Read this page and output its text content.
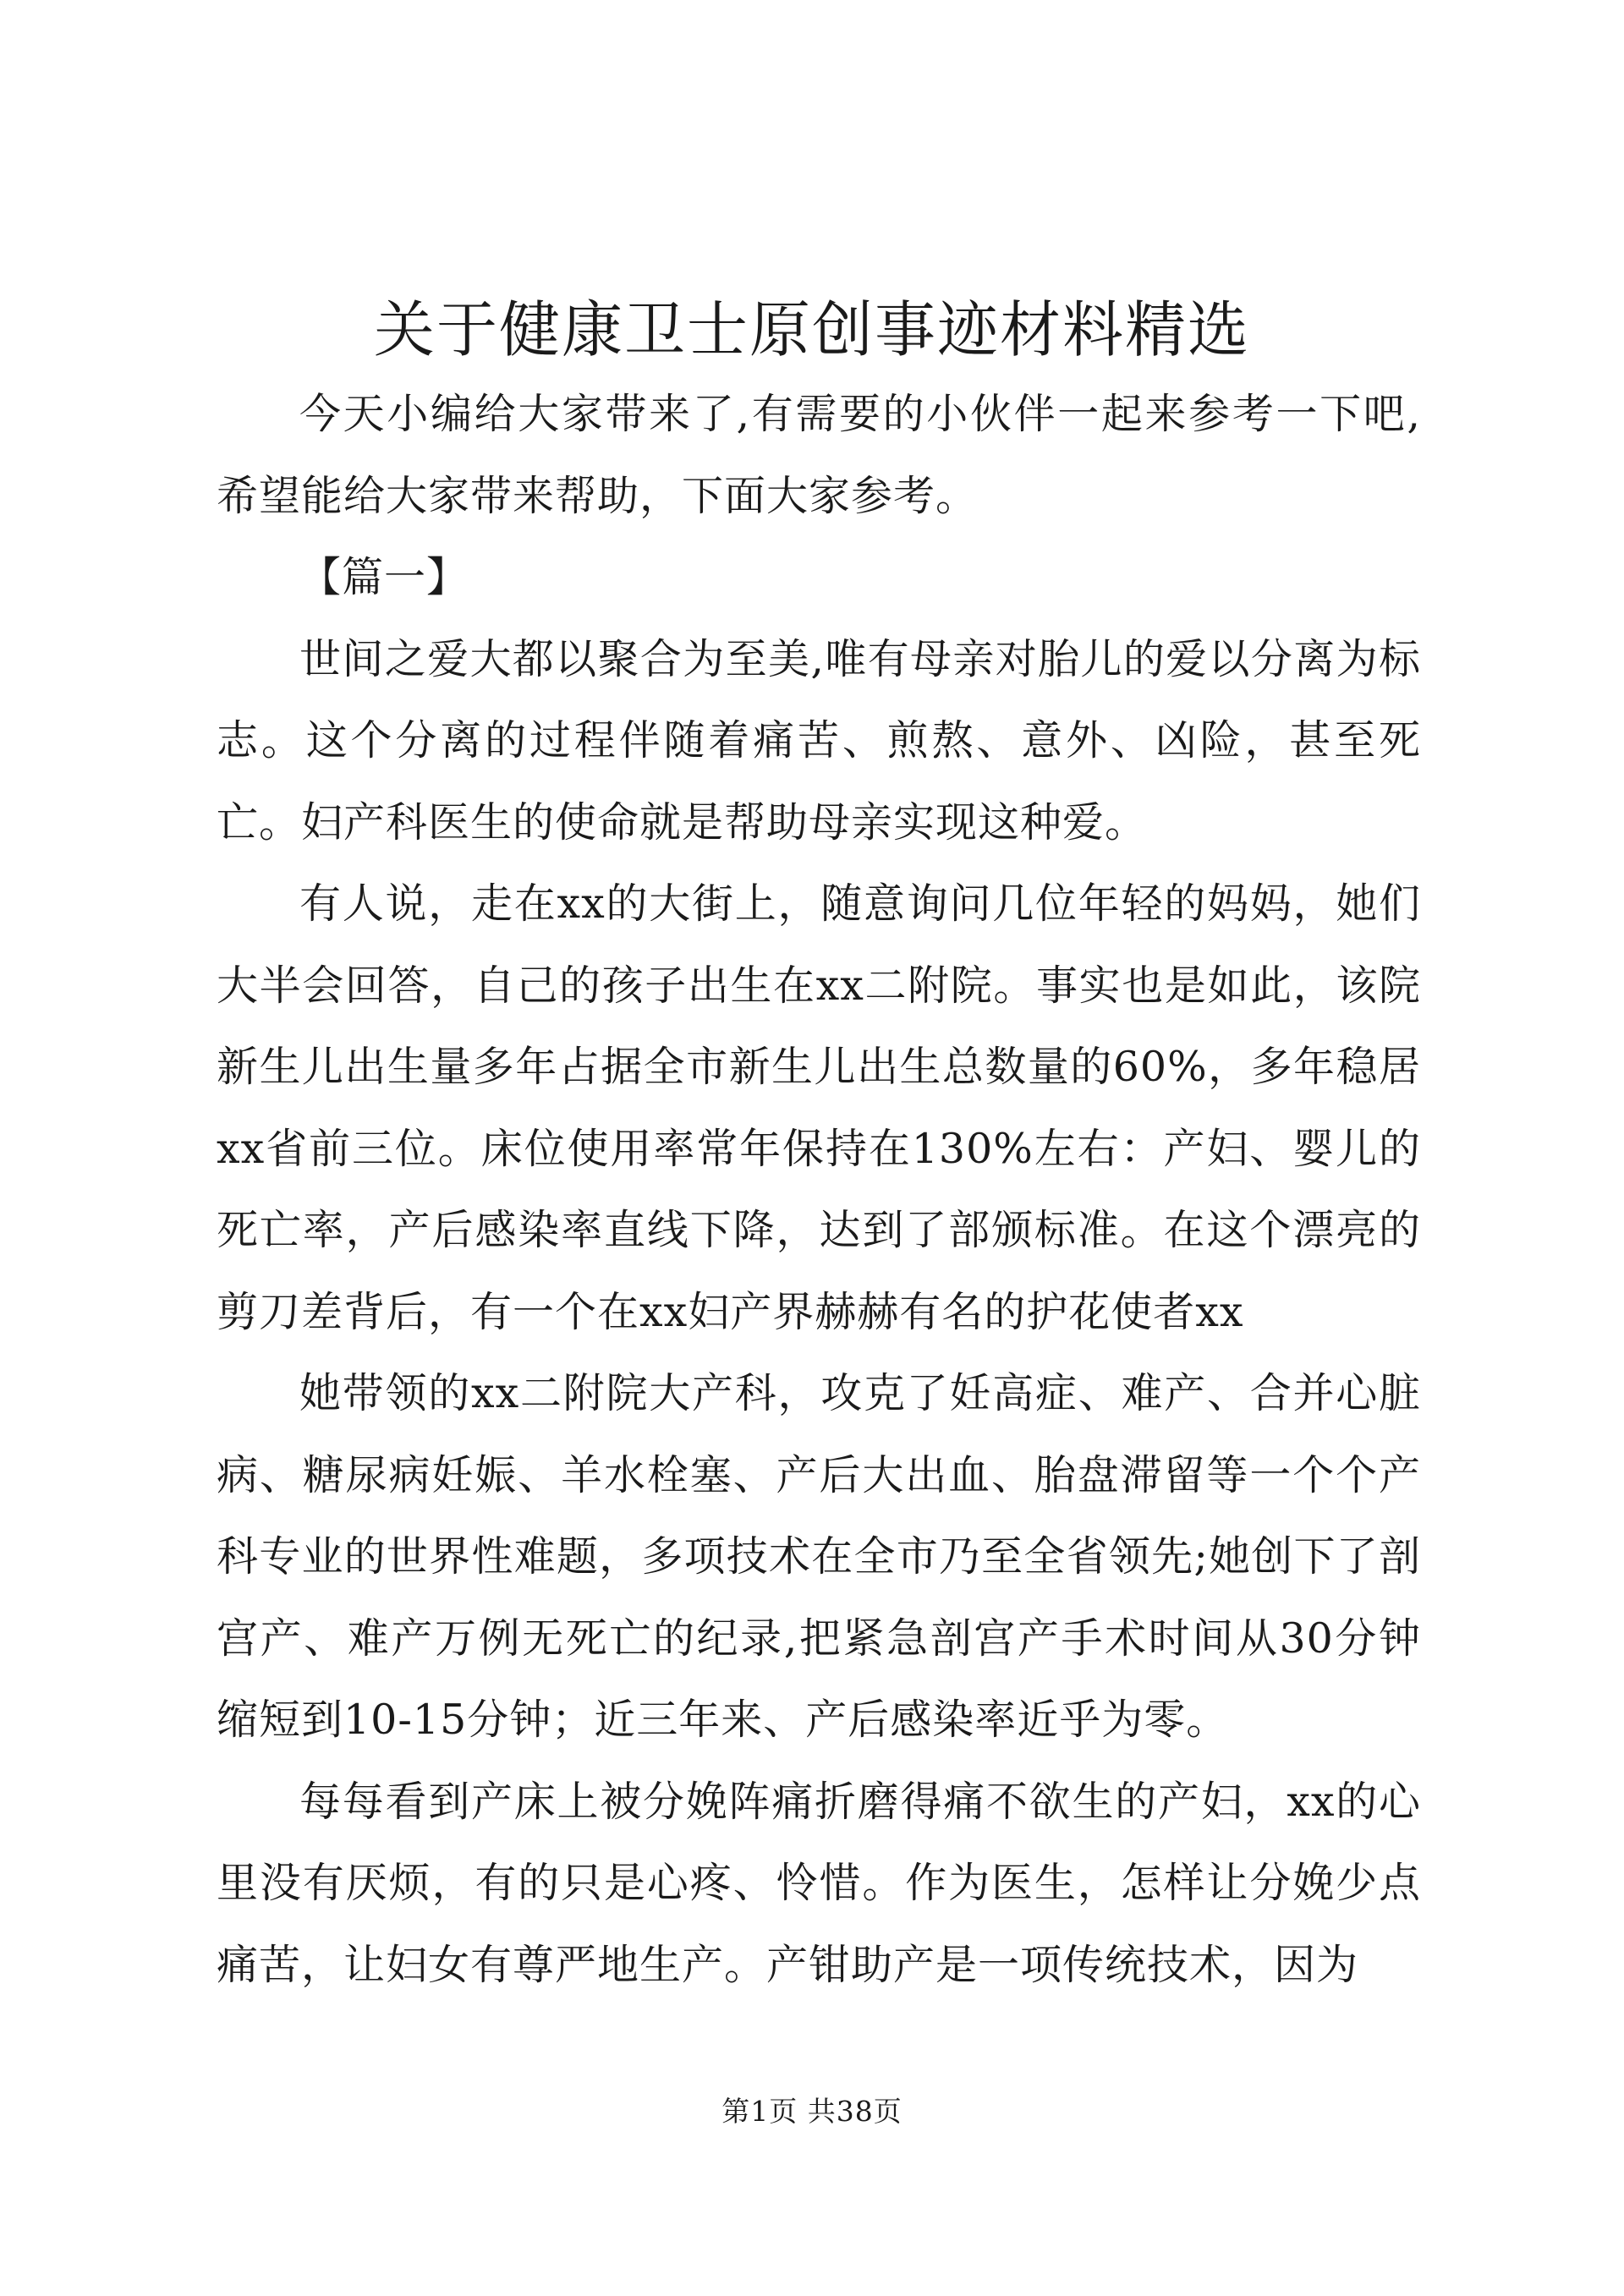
关于健康卫士原创事迹材料精选

今天小编给大家带来了,有需要的小伙伴一起来参考一下吧,希望能给大家带来帮助，下面大家参考。

【篇一】

世间之爱大都以聚合为至美,唯有母亲对胎儿的爱以分离为标志。这个分离的过程伴随着痛苦、煎熬、意外、凶险，甚至死亡。妇产科医生的使命就是帮助母亲实现这种爱。

有人说，走在xx的大街上，随意询问几位年轻的妈妈，她们大半会回答，自己的孩子出生在xx二附院。事实也是如此，该院新生儿出生量多年占据全市新生儿出生总数量的60%，多年稳居xx省前三位。床位使用率常年保持在130%左右：产妇、婴儿的死亡率，产后感染率直线下降，达到了部颁标准。在这个漂亮的剪刀差背后，有一个在xx妇产界赫赫有名的护花使者xx

她带领的xx二附院大产科，攻克了妊高症、难产、合并心脏病、糖尿病妊娠、羊水栓塞、产后大出血、胎盘滞留等一个个产科专业的世界性难题，多项技术在全市乃至全省领先;她创下了剖宫产、难产万例无死亡的纪录,把紧急剖宫产手术时间从30分钟缩短到10-15分钟；近三年来、产后感染率近乎为零。

每每看到产床上被分娩阵痛折磨得痛不欲生的产妇，xx的心里没有厌烦，有的只是心疼、怜惜。作为医生，怎样让分娩少点痛苦，让妇女有尊严地生产。产钳助产是一项传统技术，因为

第1页 共38页
